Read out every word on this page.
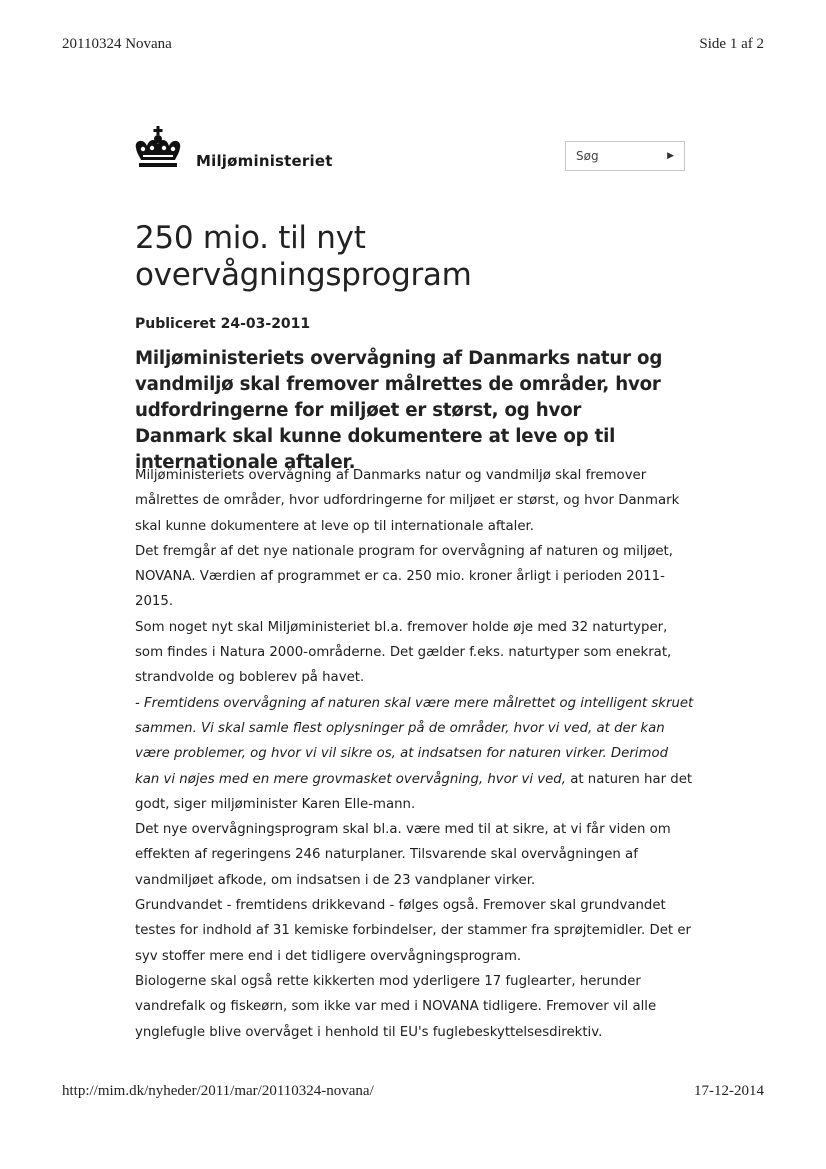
20110324 Novana	Side 1 af 2
Miljøministeriet	Søg	▶
250 mio. til nyt overvågningsprogram
Publiceret 24-03-2011

Miljøministeriets overvågning af Danmarks natur og vandmiljø skal fremover målrettes de områder, hvor udfordringerne for miljøet er størst, og hvor Danmark skal kunne dokumentere at leve op til internationale aftaler.

Miljøministeriets overvågning af Danmarks natur og vandmiljø skal fremover målrettes de områder, hvor udfordringerne for miljøet er størst, og hvor Danmark skal kunne dokumentere at leve op til internationale aftaler.

Det fremgår af det nye nationale program for overvågning af naturen og miljøet, NOVANA. Værdien af programmet er ca. 250 mio. kroner årligt i perioden 2011-2015.

Som noget nyt skal Miljøministeriet bl.a. fremover holde øje med 32 naturtyper, som findes i Natura 2000-områderne. Det gælder f.eks. naturtyper som enekrat, strandvolde og boblerev på havet.

- Fremtidens overvågning af naturen skal være mere målrettet og intelligent skruet sammen. Vi skal samle flest oplysninger på de områder, hvor vi ved, at der kan være problemer, og hvor vi vil sikre os, at indsatsen for naturen virker. Derimod kan vi nøjes med en mere grovmasket overvågning, hvor vi ved, at naturen har det godt, siger miljøminister Karen Elle-mann.

Det nye overvågningsprogram skal bl.a. være med til at sikre, at vi får viden om effekten af regeringens 246 naturplaner. Tilsvarende skal overvågningen af vandmiljøet afkode, om indsatsen i de 23 vandplaner virker.

Grundvandet - fremtidens drikkevand - følges også. Fremover skal grundvandet testes for indhold af 31 kemiske forbindelser, der stammer fra sprøjtemidler. Det er syv stoffer mere end i det tidligere overvågningsprogram.

Biologerne skal også rette kikkerten mod yderligere 17 fuglearter, herunder vandrefalk og fiskeørn, som ikke var med i NOVANA tidligere. Fremover vil alle ynglefugle blive overvåget i henhold til EU's fuglebeskyttelsesdirektiv.

http://mim.dk/nyheder/2011/mar/20110324-novana/	17-12-2014
